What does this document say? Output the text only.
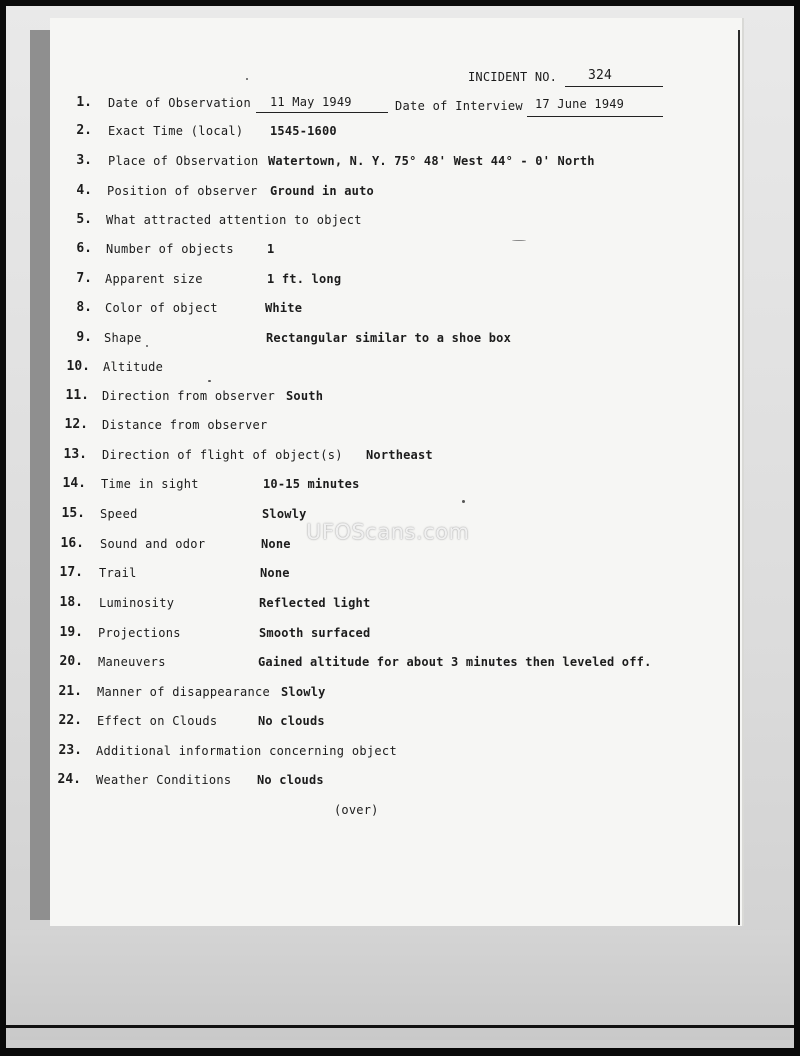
INCIDENT NO. 324
1. Date of Observation 11 May 1949	Date of Interview 17 June 1949
2. Exact Time (local) 1545-1600
3. Place of Observation Watertown, N. Y. 75° 48' West 44° - 0' North
4. Position of observer Ground in auto
5. What attracted attention to object
6. Number of objects	1
7. Apparent size	1 ft. long
8. Color of object	White
9. Shape	Rectangular similar to a shoe box
10. Altitude
11. Direction from observer South
12. Distance from observer
13. Direction of flight of object(s) Northeast
14. Time in sight	10-15 minutes
15. Speed	Slowly
16. Sound and odor	None
17. Trail	None
18. Luminosity	Reflected light
19. Projections	Smooth surfaced
20. Maneuvers	Gained altitude for about 3 minutes then leveled off.
21. Manner of disappearance Slowly
22. Effect on Clouds	No clouds
23. Additional information concerning object
24. Weather Conditions No clouds
(over)
UFOScans.com
